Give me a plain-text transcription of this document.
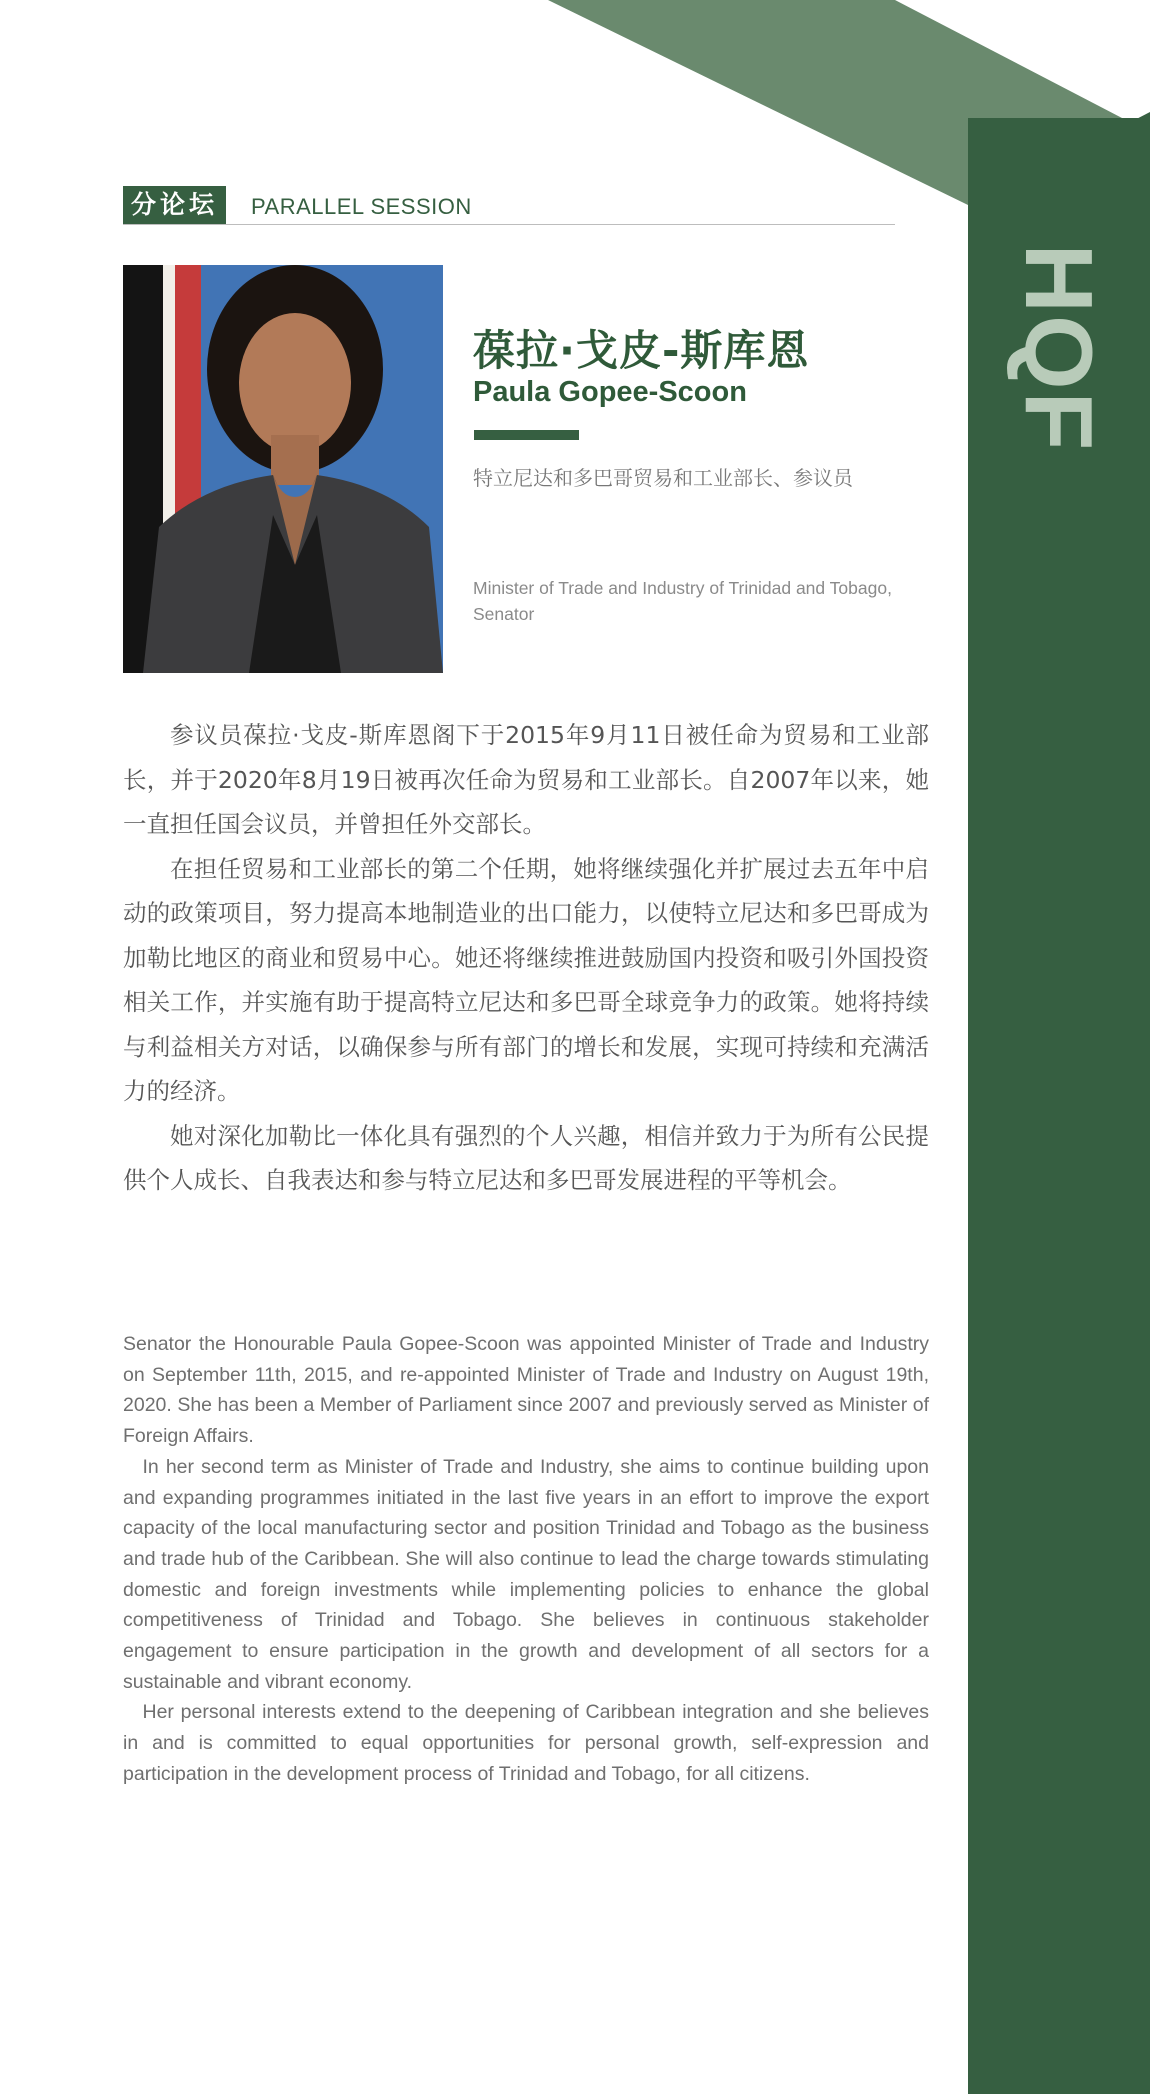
HQF
分论坛	PARALLEL SESSION
葆拉·戈皮-斯库恩
Paula Gopee-Scoon
特立尼达和多巴哥贸易和工业部长、参议员
Minister of Trade and Industry of Trinidad and Tobago, Senator

参议员葆拉·戈皮-斯库恩阁下于2015年9月11日被任命为贸易和工业部长，并于2020年8月19日被再次任命为贸易和工业部长。自2007年以来，她一直担任国会议员，并曾担任外交部长。

在担任贸易和工业部长的第二个任期，她将继续强化并扩展过去五年中启动的政策项目，努力提高本地制造业的出口能力，以使特立尼达和多巴哥成为加勒比地区的商业和贸易中心。她还将继续推进鼓励国内投资和吸引外国投资相关工作，并实施有助于提高特立尼达和多巴哥全球竞争力的政策。她将持续与利益相关方对话，以确保参与所有部门的增长和发展，实现可持续和充满活力的经济。

她对深化加勒比一体化具有强烈的个人兴趣，相信并致力于为所有公民提供个人成长、自我表达和参与特立尼达和多巴哥发展进程的平等机会。

Senator the Honourable Paula Gopee-Scoon was appointed Minister of Trade and Industry on September 11th, 2015, and re-appointed Minister of Trade and Industry on August 19th, 2020. She has been a Member of Parliament since 2007 and previously served as Minister of Foreign Affairs.

In her second term as Minister of Trade and Industry, she aims to continue building upon and expanding programmes initiated in the last five years in an effort to improve the export capacity of the local manufacturing sector and position Trinidad and Tobago as the business and trade hub of the Caribbean. She will also continue to lead the charge towards stimulating domestic and foreign investments while implementing policies to enhance the global competitiveness of Trinidad and Tobago. She believes in continuous stakeholder engagement to ensure participation in the growth and development of all sectors for a sustainable and vibrant economy.

Her personal interests extend to the deepening of Caribbean integration and she believes in and is committed to equal opportunities for personal growth, self-expression and participation in the development process of Trinidad and Tobago, for all citizens.
